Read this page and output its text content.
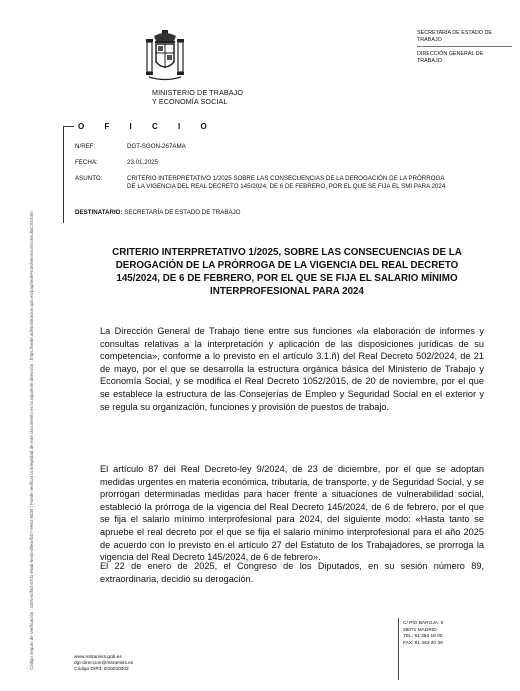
Código seguro de Verificación : GEN-e2f6d-87d1-e9ab-5e46-d8ea-fb07-ee53-8d39 | Puede verificar la integridad de este documento en la siguiente dirección : https://sede.administracion.gob.es/pagSedeFront/servicios/consultaCSV.htm
MINISTERIO DE TRABAJO
Y ECONOMÍA SOCIAL
SECRETARÍA DE ESTADO DE
TRABAJO
DIRECCIÓN GENERAL DE
TRABAJO
O F I C I O
N/REF:	DGT-SGON-267AMA
FECHA:	23.01.2025
ASUNTO:	CRITERIO INTERPRETATIVO 1/2025 SOBRE LAS CONSECUENCIAS DE LA DEROGACIÓN DE LA PRÓRROGA
DE LA VIGENCIA DEL REAL DECRETO 145/2024, DE 6 DE FEBRERO, POR EL QUE SE FIJA EL SMI PARA 2024
DESTINATARIO: SECRETARÍA DE ESTADO DE TRABAJO
CRITERIO INTERPRETATIVO 1/2025, SOBRE LAS CONSECUENCIAS DE LA
DEROGACIÓN DE LA PRÓRROGA DE LA VIGENCIA DEL REAL DECRETO
145/2024, DE 6 DE FEBRERO, POR EL QUE SE FIJA EL SALARIO MÍNIMO
INTERPROFESIONAL PARA 2024
La Dirección General de Trabajo tiene entre sus funciones «la elaboración de informes y consultas relativas a la interpretación y aplicación de las disposiciones jurídicas de su competencia», conforme a lo previsto en el artículo 3.1.ñ) del Real Decreto 502/2024, de 21 de mayo, por el que se desarrolla la estructura orgánica básica del Ministerio de Trabajo y Economía Social, y se modifica el Real Decreto 1052/2015, de 20 de noviembre, por el que se establece la estructura de las Consejerías de Empleo y Seguridad Social en el exterior y se regula su organización, funciones y provisión de puestos de trabajo.
El artículo 87 del Real Decreto-ley 9/2024, de 23 de diciembre, por el que se adoptan medidas urgentes en materia económica, tributaria, de transporte, y de Seguridad Social, y se prorrogan determinadas medidas para hacer frente a situaciones de vulnerabilidad social, estableció la prórroga de la vigencia del Real Decreto 145/2024, de 6 de febrero, por el que se fija el salario mínimo interprofesional para 2024, del siguiente modo: «Hasta tanto se apruebe el real decreto por el que se fija el salario mínimo interprofesional para el año 2025 de acuerdo con lo previsto en el artículo 27 del Estatuto de los Trabajadores, se prorroga la vigencia del Real Decreto 145/2024, de 6 de febrero».
El 22 de enero de 2025, el Congreso de los Diputados, en su sesión número 89, extraordinaria, decidió su derogación.
www.mitramiss.gob.es
dgt-direccion@mitramiss.es
Código DIR3: E00040002
C/ PÍO BAROJA, 6
28071 MADRID
TEL: 91 363 18 00
FAX: 91 363 20 38
